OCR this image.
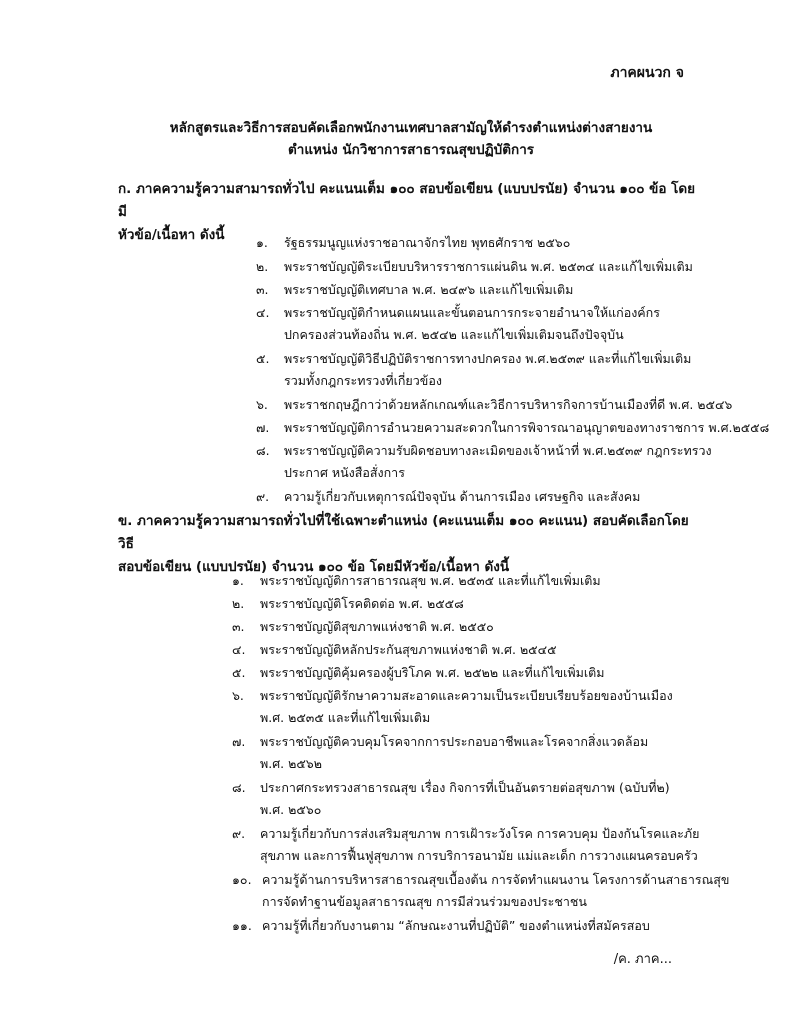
ภาคผนวก จ
หลักสูตรและวิธีการสอบคัดเลือกพนักงานเทศบาลสามัญให้ดำรงตำแหน่งต่างสายงาน
ตำแหน่ง นักวิชาการสาธารณสุขปฏิบัติการ
ก. ภาคความรู้ความสามารถทั่วไป คะแนนเต็ม ๑๐๐ สอบข้อเขียน (แบบปรนัย) จำนวน ๑๐๐ ข้อ โดยมี
หัวข้อ/เนื้อหา ดังนี้	๑. รัฐธรรมนูญแห่งราชอาณาจักรไทย พุทธศักราช ๒๕๖๐
๒. พระราชบัญญัติระเบียบบริหารราชการแผ่นดิน พ.ศ. ๒๕๓๔ และแก้ไขเพิ่มเติม
๓. พระราชบัญญัติเทศบาล พ.ศ. ๒๔๙๖ และแก้ไขเพิ่มเติม
๔. พระราชบัญญัติกำหนดแผนและขั้นตอนการกระจายอำนาจให้แก่องค์กร
ปกครองส่วนท้องถิ่น พ.ศ. ๒๕๔๒ และแก้ไขเพิ่มเติมจนถึงปัจจุบัน
๕. พระราชบัญญัติวิธีปฏิบัติราชการทางปกครอง พ.ศ.๒๕๓๙ และที่แก้ไขเพิ่มเติม
รวมทั้งกฎกระทรวงที่เกี่ยวข้อง
๖. พระราชกฤษฎีกาว่าด้วยหลักเกณฑ์และวิธีการบริหารกิจการบ้านเมืองที่ดี พ.ศ. ๒๕๔๖
๗. พระราชบัญญัติการอำนวยความสะดวกในการพิจารณาอนุญาตของทางราชการ พ.ศ.๒๕๕๘
๘. พระราชบัญญัติความรับผิดชอบทางละเมิดของเจ้าหน้าที่ พ.ศ.๒๕๓๙ กฎกระทรวง
ประกาศ หนังสือสั่งการ
๙. ความรู้เกี่ยวกับเหตุการณ์ปัจจุบัน ด้านการเมือง เศรษฐกิจ และสังคม
ข. ภาคความรู้ความสามารถทั่วไปที่ใช้เฉพาะตำแหน่ง (คะแนนเต็ม ๑๐๐ คะแนน) สอบคัดเลือกโดยวิธี
สอบข้อเขียน (แบบปรนัย) จำนวน ๑๐๐ ข้อ โดยมีหัวข้อ/เนื้อหา ดังนี้
๑. พระราชบัญญัติการสาธารณสุข พ.ศ. ๒๕๓๕ และที่แก้ไขเพิ่มเติม
๒. พระราชบัญญัติโรคติดต่อ พ.ศ. ๒๕๕๘
๓. พระราชบัญญัติสุขภาพแห่งชาติ พ.ศ. ๒๕๕๐
๔. พระราชบัญญัติหลักประกันสุขภาพแห่งชาติ พ.ศ. ๒๕๔๕
๕. พระราชบัญญัติคุ้มครองผู้บริโภค พ.ศ. ๒๕๒๒ และที่แก้ไขเพิ่มเติม
๖. พระราชบัญญัติรักษาความสะอาดและความเป็นระเบียบเรียบร้อยของบ้านเมือง
พ.ศ. ๒๕๓๕ และที่แก้ไขเพิ่มเติม
๗. พระราชบัญญัติควบคุมโรคจากการประกอบอาชีพและโรคจากสิ่งแวดล้อม
พ.ศ. ๒๕๖๒
๘. ประกาศกระทรวงสาธารณสุข เรื่อง กิจการที่เป็นอันตรายต่อสุขภาพ (ฉบับที่๒)
พ.ศ. ๒๕๖๐
๙. ความรู้เกี่ยวกับการส่งเสริมสุขภาพ การเฝ้าระวังโรค การควบคุม ป้องกันโรคและภัย
สุขภาพ และการฟื้นฟูสุขภาพ การบริการอนามัย แม่และเด็ก การวางแผนครอบครัว
๑๐. ความรู้ด้านการบริหารสาธารณสุขเบื้องต้น การจัดทำแผนงาน โครงการด้านสาธารณสุข
การจัดทำฐานข้อมูลสาธารณสุข การมีส่วนร่วมของประชาชน
๑๑. ความรู้ที่เกี่ยวกับงานตาม “ลักษณะงานที่ปฏิบัติ” ของตำแหน่งที่สมัครสอบ
/ค. ภาค...
